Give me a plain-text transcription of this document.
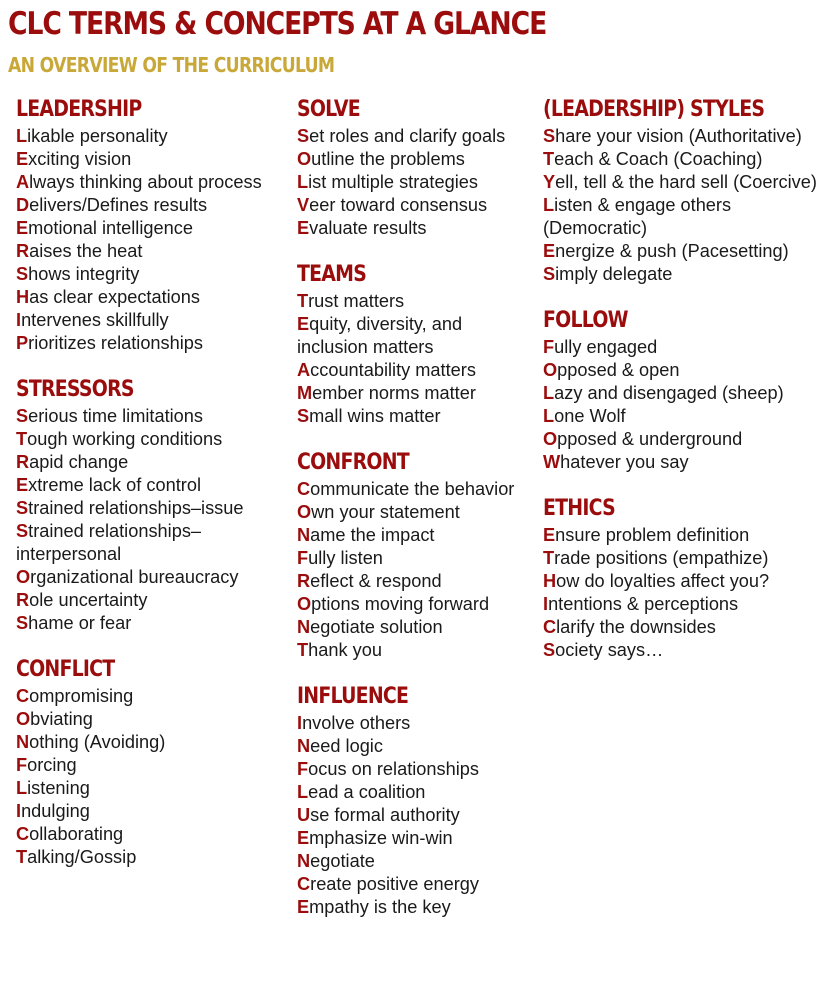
CLC TERMS & CONCEPTS AT A GLANCE
AN OVERVIEW OF THE CURRICULUM
LEADERSHIP
Likable personality
Exciting vision
Always thinking about process
Delivers/Defines results
Emotional intelligence
Raises the heat
Shows integrity
Has clear expectations
Intervenes skillfully
Prioritizes relationships
STRESSORS
Serious time limitations
Tough working conditions
Rapid change
Extreme lack of control
Strained relationships–issue
Strained relationships–interpersonal
Organizational bureaucracy
Role uncertainty
Shame or fear
CONFLICT
Compromising
Obviating
Nothing (Avoiding)
Forcing
Listening
Indulging
Collaborating
Talking/Gossip
SOLVE
Set roles and clarify goals
Outline the problems
List multiple strategies
Veer toward consensus
Evaluate results
TEAMS
Trust matters
Equity, diversity, and inclusion matters
Accountability matters
Member norms matter
Small wins matter
CONFRONT
Communicate the behavior
Own your statement
Name the impact
Fully listen
Reflect & respond
Options moving forward
Negotiate solution
Thank you
INFLUENCE
Involve others
Need logic
Focus on relationships
Lead a coalition
Use formal authority
Emphasize win-win
Negotiate
Create positive energy
Empathy is the key
(LEADERSHIP) STYLES
Share your vision (Authoritative)
Teach & Coach (Coaching)
Yell, tell & the hard sell (Coercive)
Listen & engage others (Democratic)
Energize & push (Pacesetting)
Simply delegate
FOLLOW
Fully engaged
Opposed & open
Lazy and disengaged (sheep)
Lone Wolf
Opposed & underground
Whatever you say
ETHICS
Ensure problem definition
Trade positions (empathize)
How do loyalties affect you?
Intentions & perceptions
Clarify the downsides
Society says…
